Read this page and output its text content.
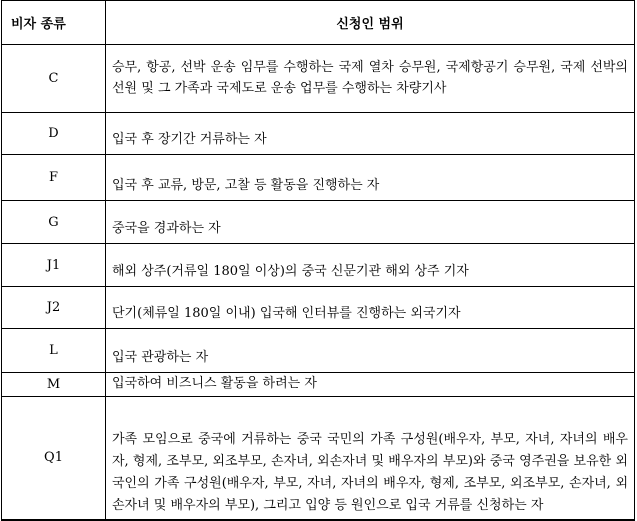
비자 종류	신청인 범위
C	승무, 항공, 선박 운송 임무를 수행하는 국제 열차 승무원, 국제항공기 승무원, 국제 선박의 선원 및 그 가족과 국제도로 운송 업무를 수행하는 차량기사
D	입국 후 장기간 거류하는 자
F	입국 후 교류, 방문, 고찰 등 활동을 진행하는 자
G	중국을 경과하는 자
J1	해외 상주(거류일 180일 이상)의 중국 신문기관 해외 상주 기자
J2	단기(체류일 180일 이내) 입국해 인터뷰를 진행하는 외국기자
L	입국 관광하는 자
M	입국하여 비즈니스 활동을 하려는 자
Q1	가족 모임으로 중국에 거류하는 중국 국민의 가족 구성원(배우자, 부모, 자녀, 자녀의 배우자, 형제, 조부모, 외조부모, 손자녀, 외손자녀 및 배우자의 부모)와 중국 영주권을 보유한 외국인의 가족 구성원(배우자, 부모, 자녀, 자녀의 배우자, 형제, 조부모, 외조부모, 손자녀, 외손자녀 및 배우자의 부모), 그리고 입양 등 원인으로 입국 거류를 신청하는 자
